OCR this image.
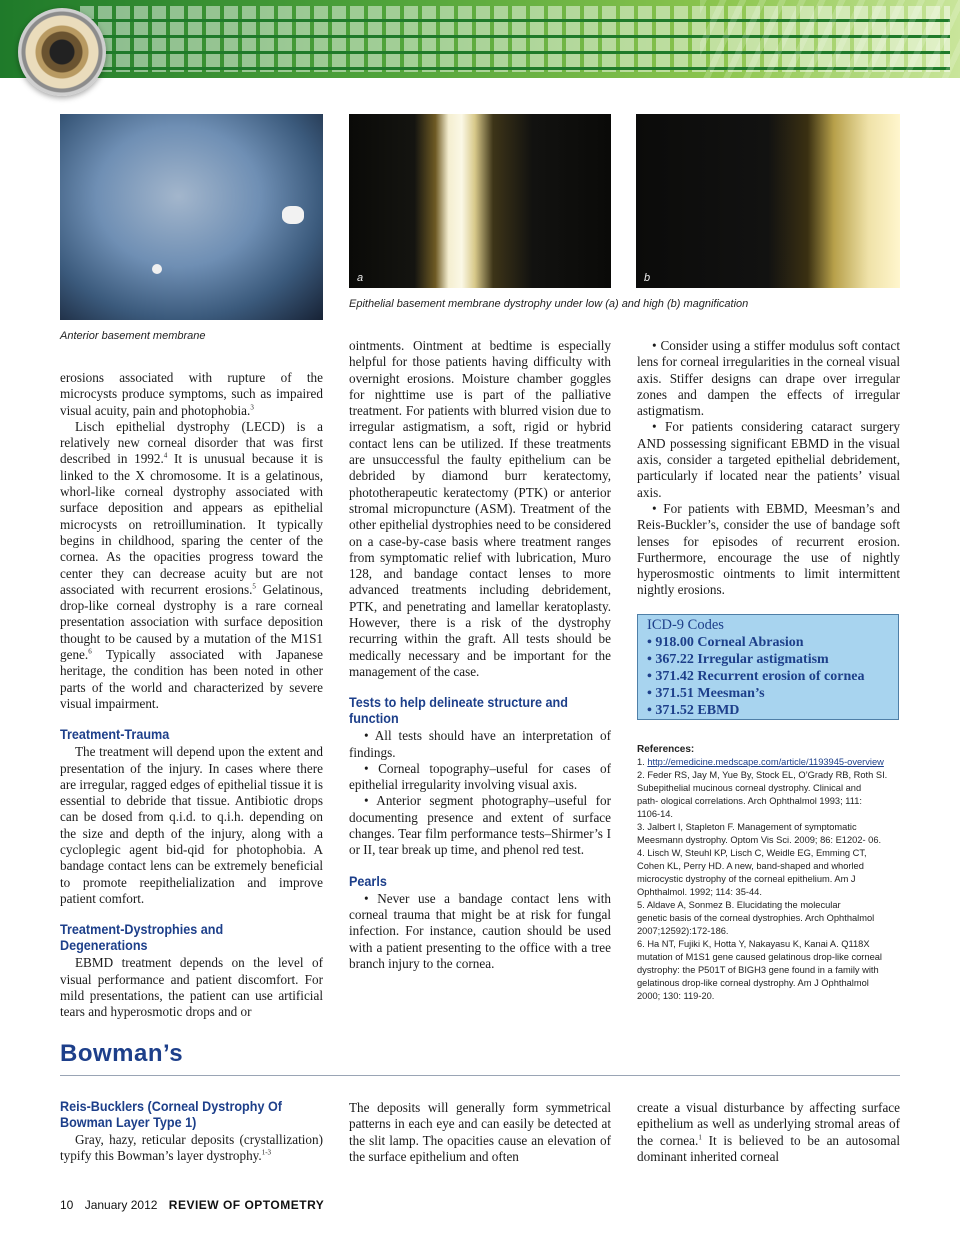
Anterior basement membrane
a	b
Epithelial basement membrane dystrophy under low (a) and high (b) magnification

erosions associated with rupture of the microcysts produce symptoms, such as impaired visual acuity, pain and photophobia.$^3$

Lisch epithelial dystrophy (LECD) is a relatively new corneal disorder that was first described in 1992.$^4$ It is unusual because it is linked to the X chromosome. It is a gelatinous, whorl-like corneal dystrophy associated with surface deposition and appears as epithelial microcysts on retroillumination. It typically begins in childhood, sparing the center of the cornea. As the opacities progress toward the center they can decrease acuity but are not associated with recurrent erosions.$^5$ Gelatinous, drop-like corneal dystrophy is a rare corneal presentation association with surface deposition thought to be caused by a mutation of the M1S1 gene.$^6$ Typically associated with Japanese heritage, the condition has been noted in other parts of the world and characterized by severe visual impairment.

Treatment-Trauma

The treatment will depend upon the extent and presentation of the injury. In cases where there are irregular, ragged edges of epithelial tissue it is essential to debride that tissue. Antibiotic drops can be dosed from q.i.d. to q.i.h. depending on the size and depth of the injury, along with a cycloplegic agent bid-qid for photophobia. A bandage contact lens can be extremely beneficial to promote reepithelialization and improve patient comfort.

Treatment-Dystrophies and Degenerations

EBMD treatment depends on the level of visual performance and patient discomfort. For mild presentations, the patient can use artificial tears and hyperosmotic drops and or

ointments. Ointment at bedtime is especially helpful for those patients having difficulty with overnight erosions. Moisture chamber goggles for nighttime use is part of the palliative treatment. For patients with blurred vision due to irregular astigmatism, a soft, rigid or hybrid contact lens can be utilized. If these treatments are unsuccessful the faulty epithelium can be debrided by diamond burr keratectomy, phototherapeutic keratectomy (PTK) or anterior stromal micropuncture (ASM). Treatment of the other epithelial dystrophies need to be considered on a case-by-case basis where treatment ranges from symptomatic relief with lubrication, Muro 128, and bandage contact lenses to more advanced treatments including debridement, PTK, and penetrating and lamellar keratoplasty. However, there is a risk of the dystrophy recurring within the graft. All tests should be medically necessary and be important for the management of the case.

Tests to help delineate structure and function

• All tests should have an interpretation of findings.

• Corneal topography–useful for cases of epithelial irregularity involving visual axis.

• Anterior segment photography–useful for documenting presence and extent of surface changes. Tear film performance tests–Shirmer’s I or II, tear break up time, and phenol red test.

Pearls

• Never use a bandage contact lens with corneal trauma that might be at risk for fungal infection. For instance, caution should be used with a patient presenting to the office with a tree branch injury to the cornea.

• Consider using a stiffer modulus soft contact lens for corneal irregularities in the corneal visual axis. Stiffer designs can drape over irregular zones and dampen the effects of irregular astigmatism.

• For patients considering cataract surgery AND possessing significant EBMD in the visual axis, consider a targeted epithelial debridement, particularly if located near the patients’ visual axis.

• For patients with EBMD, Meesman’s and Reis-Buckler’s, consider the use of bandage soft lenses for episodes of recurrent erosion. Furthermore, encourage the use of nightly hyperosmostic ointments to limit intermittent nightly erosions.

ICD-9 Codes
• 918.00 Corneal Abrasion
• 367.22 Irregular astigmatism
• 371.42 Recurrent erosion of cornea
• 371.51 Meesman’s
• 371.52 EBMD
References:
1. http://emedicine.medscape.com/article/1193945-overview
2. Feder RS, Jay M, Yue By, Stock EL, O’Grady RB, Roth SI.
Subepithelial mucinous corneal dystrophy. Clinical and
path- ological correlations. Arch Ophthalmol 1993; 111:
1106-14.
3. Jalbert I, Stapleton F. Management of symptomatic
Meesmann dystrophy. Optom Vis Sci. 2009; 86: E1202- 06.
4. Lisch W, Steuhl KP, Lisch C, Weidle EG, Emming CT,
Cohen KL, Perry HD. A new, band-shaped and whorled
microcystic dystrophy of the corneal epithelium. Am J
Ophthalmol. 1992; 114: 35-44.
5. Aldave A, Sonmez B. Elucidating the molecular
genetic basis of the corneal dystrophies. Arch Ophthalmol
2007;12592):172-186.
6. Ha NT, Fujiki K, Hotta Y, Nakayasu K, Kanai A. Q118X
mutation of M1S1 gene caused gelatinous drop-like corneal
dystrophy: the P501T of BIGH3 gene found in a family with
gelatinous drop-like corneal dystrophy. Am J Ophthalmol
2000; 130: 119-20.
Bowman’s
Reis-Bucklers (Corneal Dystrophy Of Bowman Layer Type 1)

Gray, hazy, reticular deposits (crystallization) typify this Bowman’s layer dystrophy.$^{1-3}$

The deposits will generally form symmetrical patterns in each eye and can easily be detected at the slit lamp. The opacities cause an elevation of the surface epithelium and often

create a visual disturbance by affecting surface epithelium as well as underlying stromal areas of the cornea.$^1$ It is believed to be an autosomal dominant inherited corneal

10 January 2012 REVIEW OF OPTOMETRY
